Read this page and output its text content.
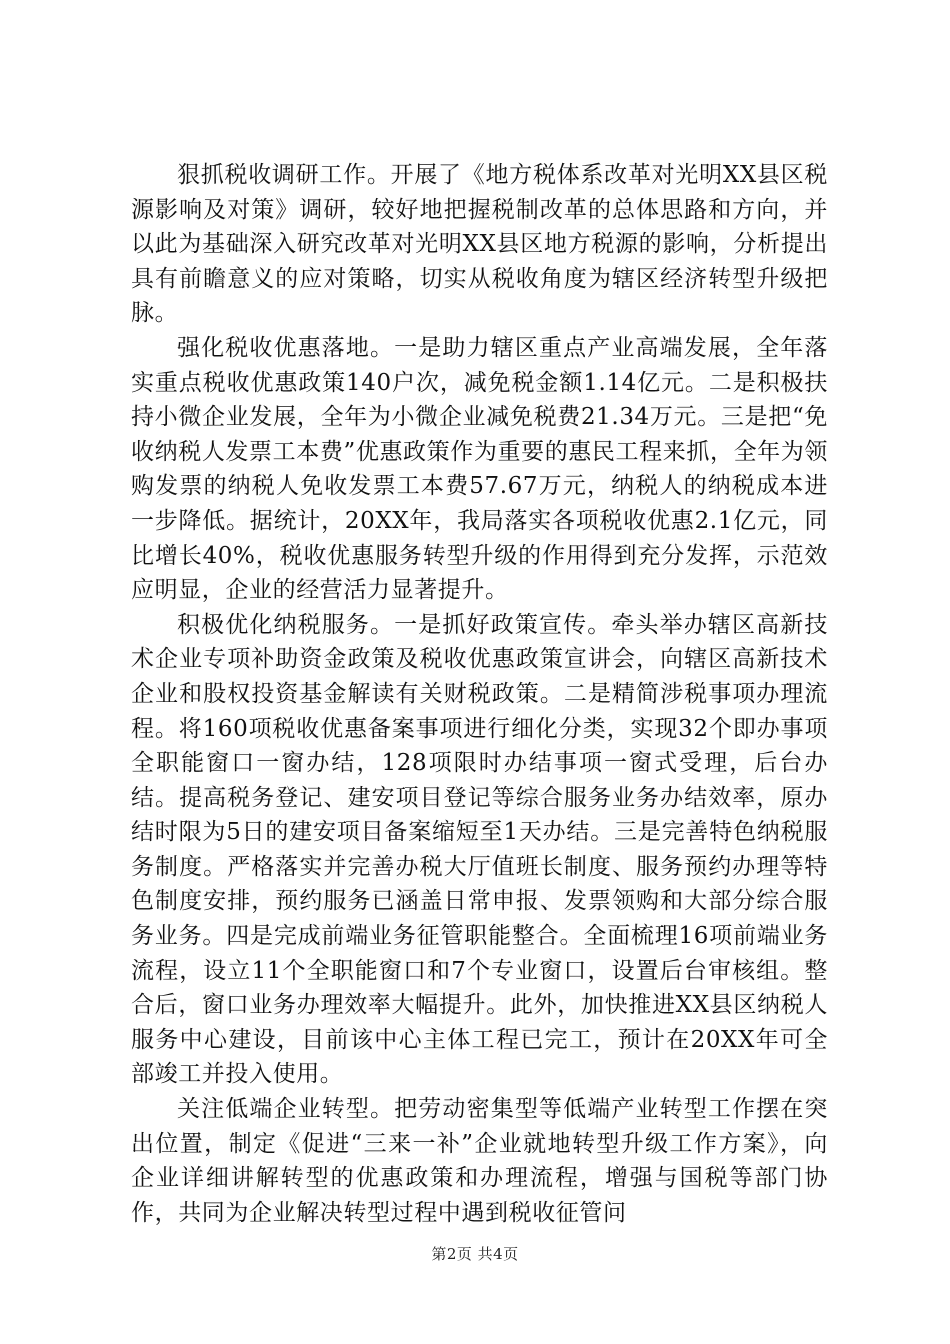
狠抓税收调研工作。开展了《地方税体系改革对光明XX县区税源影响及对策》调研，较好地把握税制改革的总体思路和方向，并以此为基础深入研究改革对光明XX县区地方税源的影响，分析提出具有前瞻意义的应对策略，切实从税收角度为辖区经济转型升级把脉。

强化税收优惠落地。一是助力辖区重点产业高端发展，全年落实重点税收优惠政策140户次，减免税金额1.14亿元。二是积极扶持小微企业发展，全年为小微企业减免税费21.34万元。三是把“免收纳税人发票工本费”优惠政策作为重要的惠民工程来抓，全年为领购发票的纳税人免收发票工本费57.67万元，纳税人的纳税成本进一步降低。据统计，20XX年，我局落实各项税收优惠2.1亿元，同比增长40%，税收优惠服务转型升级的作用得到充分发挥，示范效应明显，企业的经营活力显著提升。

积极优化纳税服务。一是抓好政策宣传。牵头举办辖区高新技术企业专项补助资金政策及税收优惠政策宣讲会，向辖区高新技术企业和股权投资基金解读有关财税政策。二是精简涉税事项办理流程。将160项税收优惠备案事项进行细化分类，实现32个即办事项全职能窗口一窗办结，128项限时办结事项一窗式受理，后台办结。提高税务登记、建安项目登记等综合服务业务办结效率，原办结时限为5日的建安项目备案缩短至1天办结。三是完善特色纳税服务制度。严格落实并完善办税大厅值班长制度、服务预约办理等特色制度安排，预约服务已涵盖日常申报、发票领购和大部分综合服务业务。四是完成前端业务征管职能整合。全面梳理16项前端业务流程，设立11个全职能窗口和7个专业窗口，设置后台审核组。整合后，窗口业务办理效率大幅提升。此外，加快推进XX县区纳税人服务中心建设，目前该中心主体工程已完工，预计在20XX年可全部竣工并投入使用。

关注低端企业转型。把劳动密集型等低端产业转型工作摆在突出位置，制定《促进“三来一补”企业就地转型升级工作方案》，向企业详细讲解转型的优惠政策和办理流程，增强与国税等部门协作，共同为企业解决转型过程中遇到税收征管问

第2页 共4页
